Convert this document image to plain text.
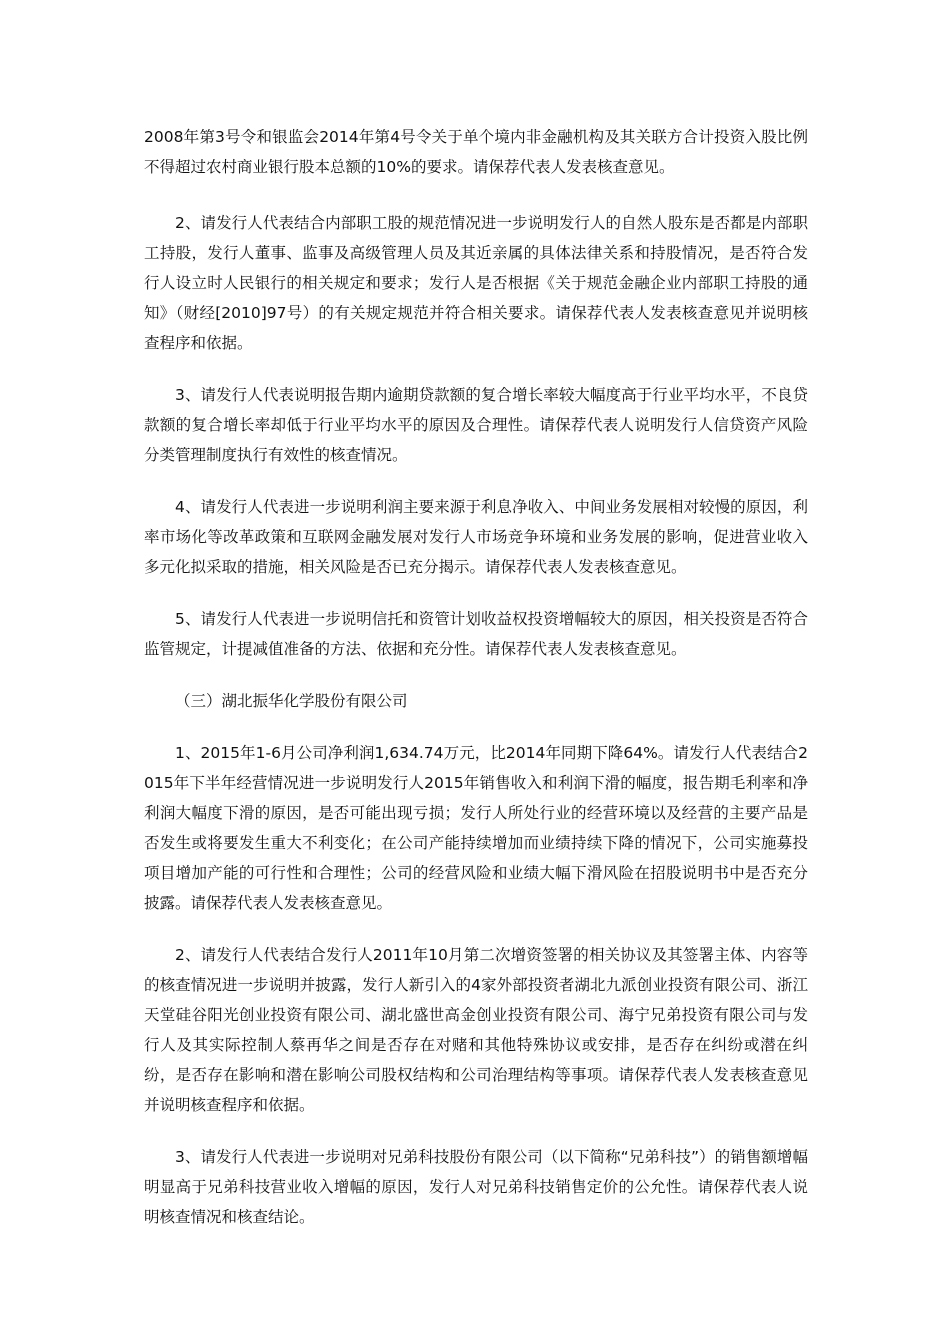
2008年第3号令和银监会2014年第4号令关于单个境内非金融机构及其关联方合计投资入股比例不得超过农村商业银行股本总额的10%的要求。请保荐代表人发表核查意见。

2、请发行人代表结合内部职工股的规范情况进一步说明发行人的自然人股东是否都是内部职工持股，发行人董事、监事及高级管理人员及其近亲属的具体法律关系和持股情况，是否符合发行人设立时人民银行的相关规定和要求；发行人是否根据《关于规范金融企业内部职工持股的通知》（财经[2010]97号）的有关规定规范并符合相关要求。请保荐代表人发表核查意见并说明核查程序和依据。

3、请发行人代表说明报告期内逾期贷款额的复合增长率较大幅度高于行业平均水平，不良贷款额的复合增长率却低于行业平均水平的原因及合理性。请保荐代表人说明发行人信贷资产风险分类管理制度执行有效性的核查情况。

4、请发行人代表进一步说明利润主要来源于利息净收入、中间业务发展相对较慢的原因，利率市场化等改革政策和互联网金融发展对发行人市场竞争环境和业务发展的影响，促进营业收入多元化拟采取的措施，相关风险是否已充分揭示。请保荐代表人发表核查意见。

5、请发行人代表进一步说明信托和资管计划收益权投资增幅较大的原因，相关投资是否符合监管规定，计提减值准备的方法、依据和充分性。请保荐代表人发表核查意见。

（三）湖北振华化学股份有限公司

1、2015年1-6月公司净利润1,634.74万元，比2014年同期下降64%。请发行人代表结合2015年下半年经营情况进一步说明发行人2015年销售收入和利润下滑的幅度，报告期毛利率和净利润大幅度下滑的原因，是否可能出现亏损；发行人所处行业的经营环境以及经营的主要产品是否发生或将要发生重大不利变化；在公司产能持续增加而业绩持续下降的情况下，公司实施募投项目增加产能的可行性和合理性；公司的经营风险和业绩大幅下滑风险在招股说明书中是否充分披露。请保荐代表人发表核查意见。

2、请发行人代表结合发行人2011年10月第二次增资签署的相关协议及其签署主体、内容等的核查情况进一步说明并披露，发行人新引入的4家外部投资者湖北九派创业投资有限公司、浙江天堂硅谷阳光创业投资有限公司、湖北盛世高金创业投资有限公司、海宁兄弟投资有限公司与发行人及其实际控制人蔡再华之间是否存在对赌和其他特殊协议或安排，是否存在纠纷或潜在纠纷，是否存在影响和潜在影响公司股权结构和公司治理结构等事项。请保荐代表人发表核查意见并说明核查程序和依据。

3、请发行人代表进一步说明对兄弟科技股份有限公司（以下简称“兄弟科技”）的销售额增幅明显高于兄弟科技营业收入增幅的原因，发行人对兄弟科技销售定价的公允性。请保荐代表人说明核查情况和核查结论。
